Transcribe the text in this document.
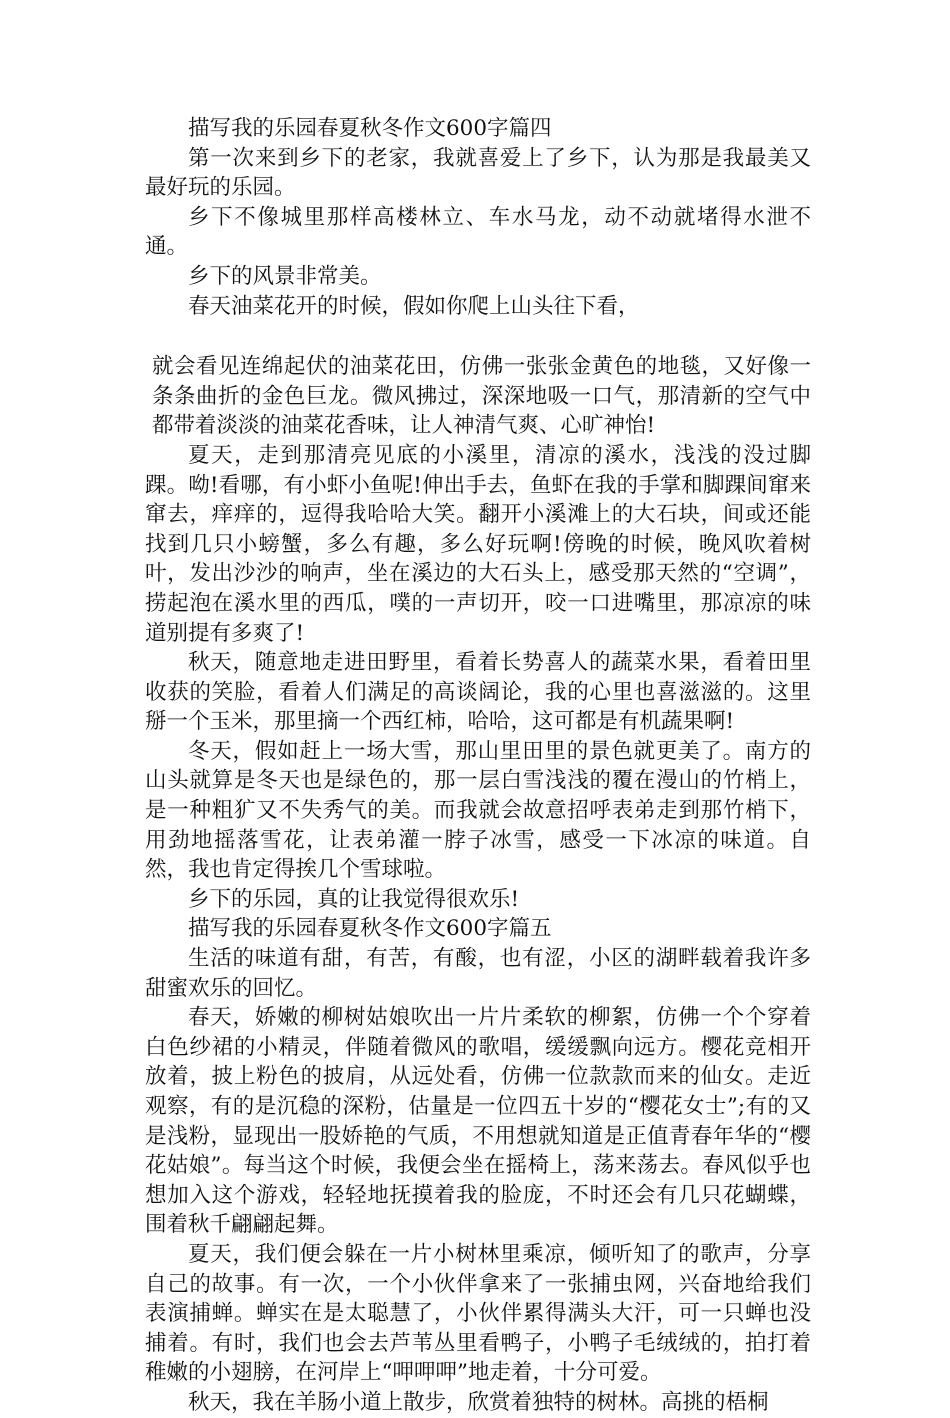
描写我的乐园春夏秋冬作文600字篇四

第一次来到乡下的老家，我就喜爱上了乡下，认为那是我最美又最好玩的乐园。

乡下不像城里那样高楼林立、车水马龙，动不动就堵得水泄不通。

乡下的风景非常美。

春天油菜花开的时候，假如你爬上山头往下看，

就会看见连绵起伏的油菜花田，仿佛一张张金黄色的地毯，又好像一条条曲折的金色巨龙。微风拂过，深深地吸一口气，那清新的空气中都带着淡淡的油菜花香味，让人神清气爽、心旷神怡!

夏天，走到那清亮见底的小溪里，清凉的溪水，浅浅的没过脚踝。呦!看哪，有小虾小鱼呢!伸出手去，鱼虾在我的手掌和脚踝间窜来窜去，痒痒的，逗得我哈哈大笑。翻开小溪滩上的大石块，间或还能找到几只小螃蟹，多么有趣，多么好玩啊!傍晚的时候，晚风吹着树叶，发出沙沙的响声，坐在溪边的大石头上，感受那天然的“空调”，捞起泡在溪水里的西瓜，噗的一声切开，咬一口进嘴里，那凉凉的味道别提有多爽了!

秋天，随意地走进田野里，看着长势喜人的蔬菜水果，看着田里收获的笑脸，看着人们满足的高谈阔论，我的心里也喜滋滋的。这里掰一个玉米，那里摘一个西红柿，哈哈，这可都是有机蔬果啊!

冬天，假如赶上一场大雪，那山里田里的景色就更美了。南方的山头就算是冬天也是绿色的，那一层白雪浅浅的覆在漫山的竹梢上，是一种粗犷又不失秀气的美。而我就会故意招呼表弟走到那竹梢下，用劲地摇落雪花，让表弟灌一脖子冰雪，感受一下冰凉的味道。自然，我也肯定得挨几个雪球啦。

乡下的乐园，真的让我觉得很欢乐!

描写我的乐园春夏秋冬作文600字篇五

生活的味道有甜，有苦，有酸，也有涩，小区的湖畔载着我许多甜蜜欢乐的回忆。

春天，娇嫩的柳树姑娘吹出一片片柔软的柳絮，仿佛一个个穿着白色纱裙的小精灵，伴随着微风的歌唱，缓缓飘向远方。樱花竞相开放着，披上粉色的披肩，从远处看，仿佛一位款款而来的仙女。走近观察，有的是沉稳的深粉，估量是一位四五十岁的“樱花女士”;有的又是浅粉，显现出一股娇艳的气质，不用想就知道是正值青春年华的“樱花姑娘”。每当这个时候，我便会坐在摇椅上，荡来荡去。春风似乎也想加入这个游戏，轻轻地抚摸着我的脸庞，不时还会有几只花蝴蝶，围着秋千翩翩起舞。

夏天，我们便会躲在一片小树林里乘凉，倾听知了的歌声，分享自己的故事。有一次，一个小伙伴拿来了一张捕虫网，兴奋地给我们表演捕蝉。蝉实在是太聪慧了，小伙伴累得满头大汗，可一只蝉也没捕着。有时，我们也会去芦苇丛里看鸭子，小鸭子毛绒绒的，拍打着稚嫩的小翅膀，在河岸上“呷呷呷”地走着，十分可爱。

秋天，我在羊肠小道上散步，欣赏着独特的树林。高挑的梧桐
